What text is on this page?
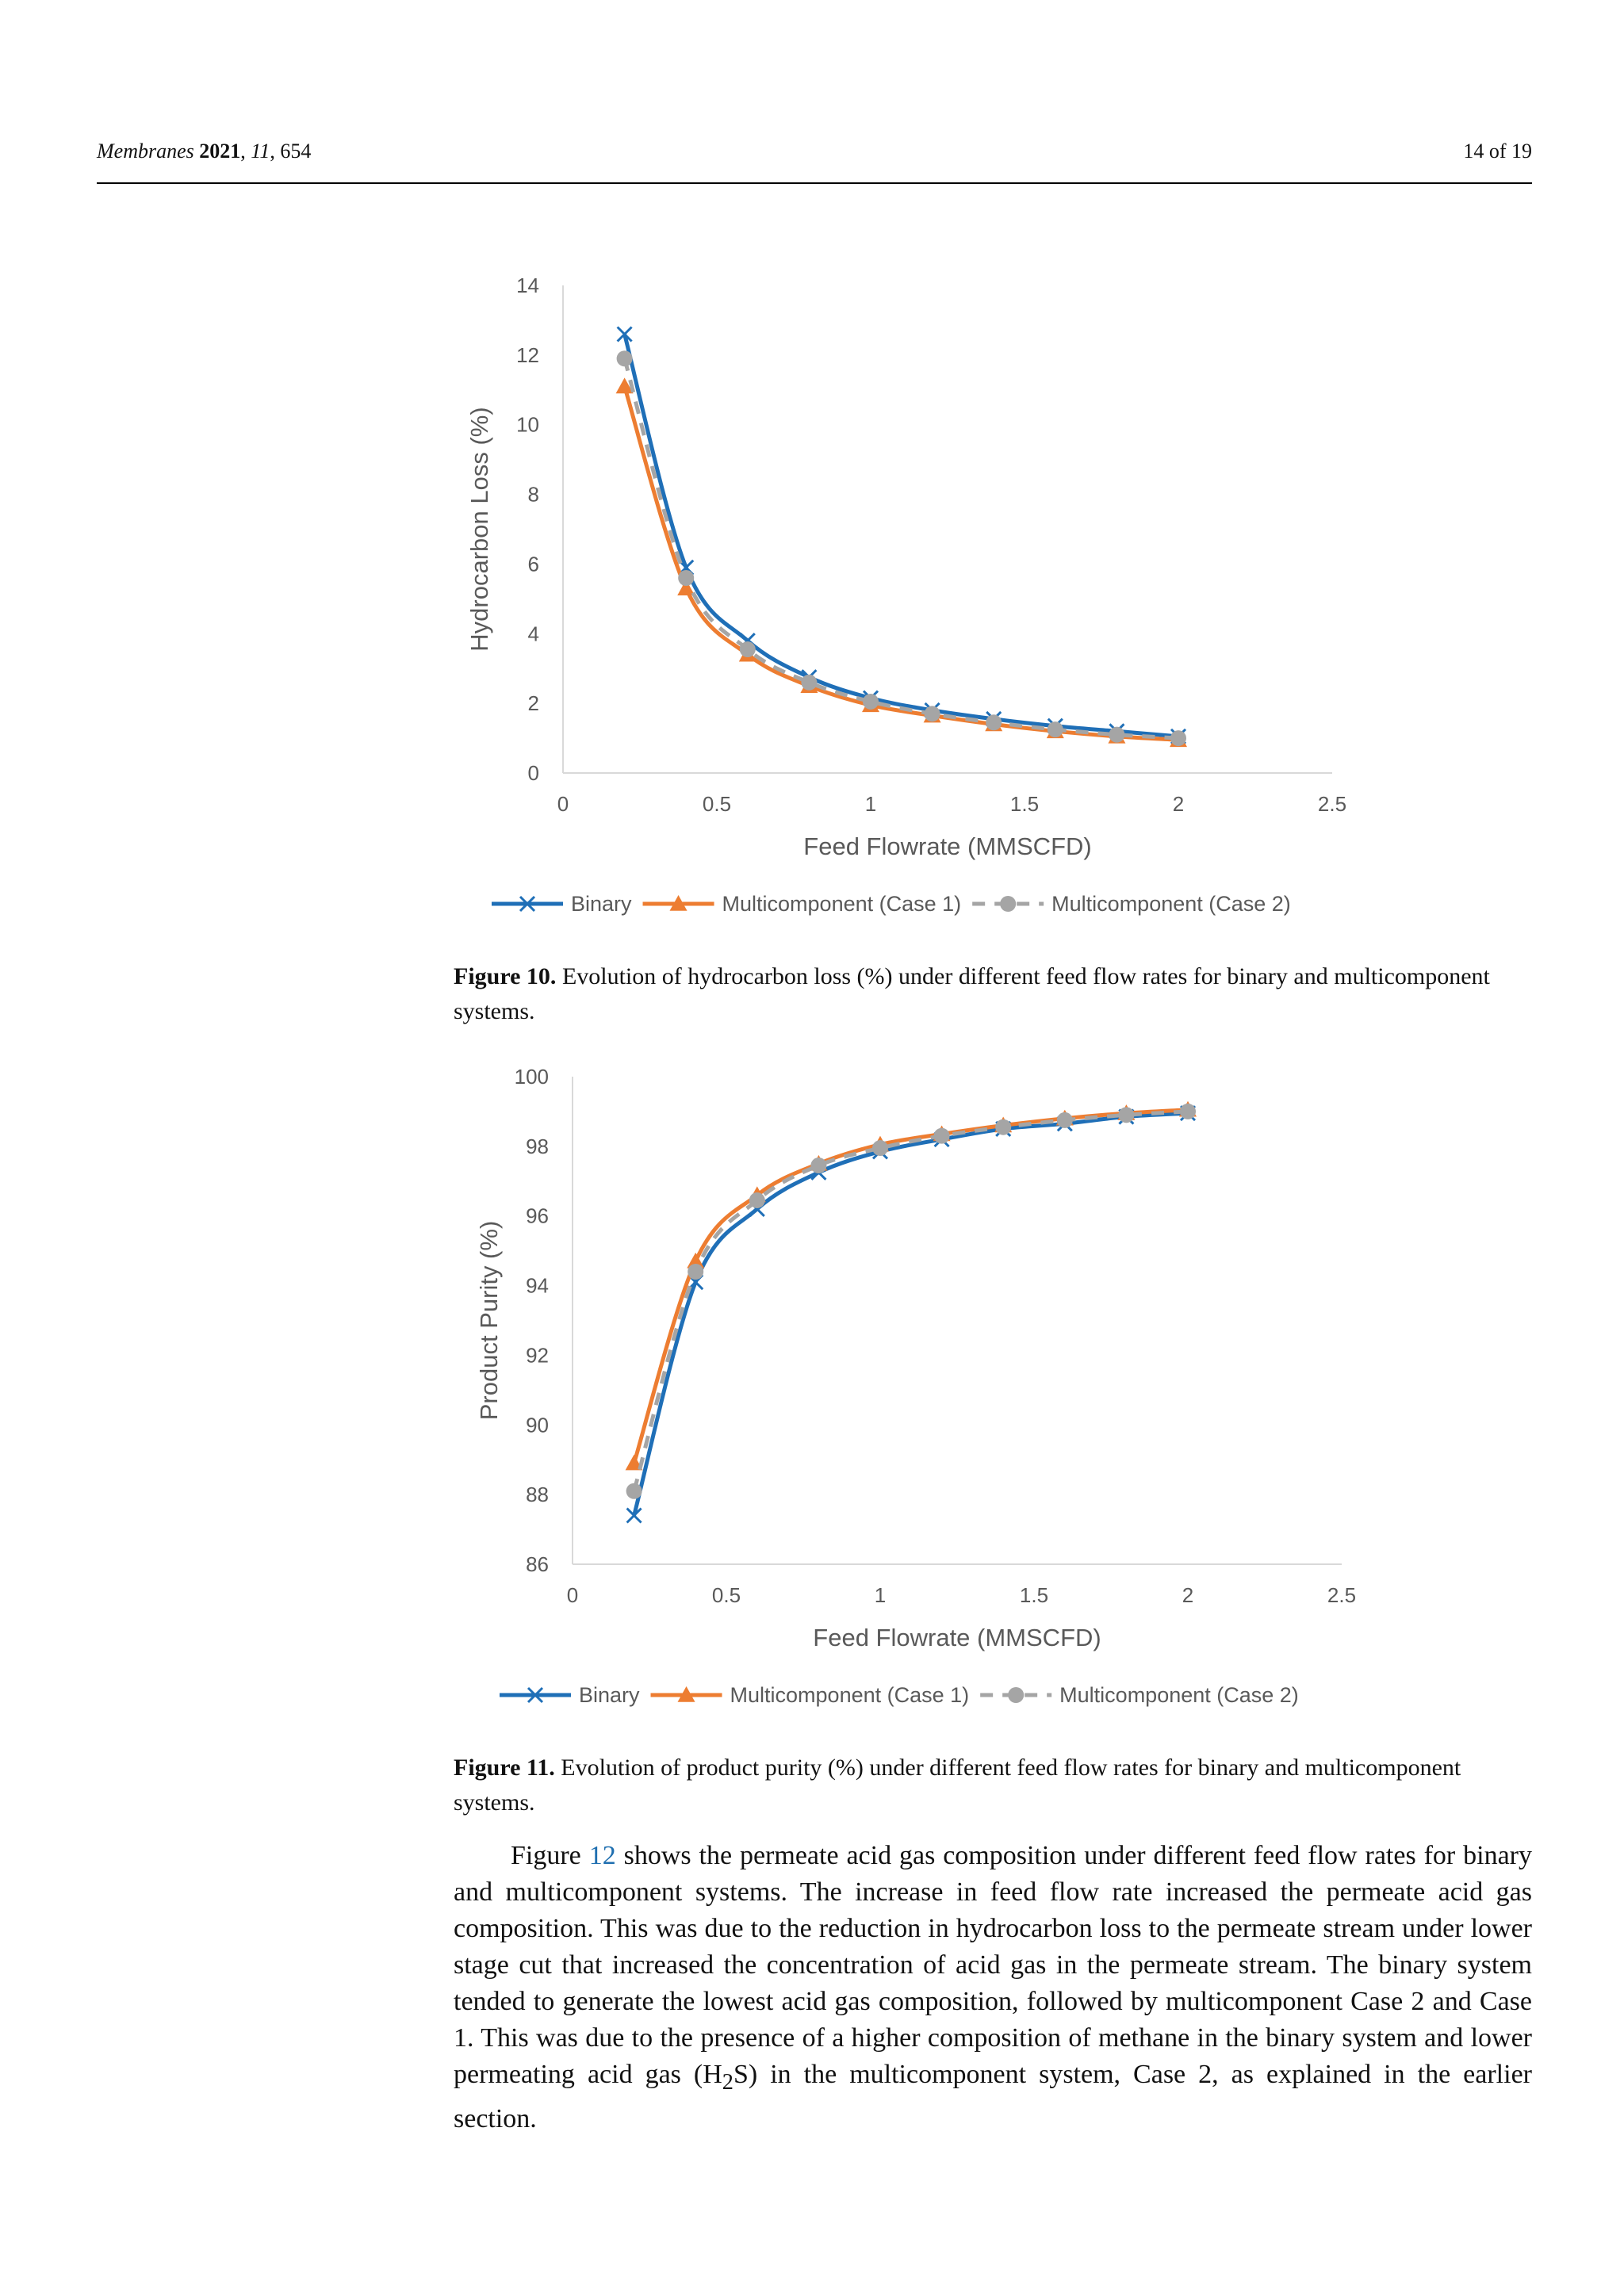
Membranes 2021, 11, 654	14 of 19
0
2
4
6
8
10
12
14
0	0.5	1	1.5	2	2.5
Feed Flowrate (MMSCFD)
Hydrocarbon Loss (%)
Binary	Multicomponent (Case 1)	Multicomponent (Case 2)
Figure 10. Evolution of hydrocarbon loss (%) under different feed flow rates for binary and multicomponent systems.
86
88
90
92
94
96
98
100
0	0.5	1	1.5	2	2.5
Feed Flowrate (MMSCFD)
Product Purity (%)
Binary	Multicomponent (Case 1)	Multicomponent (Case 2)
Figure 11. Evolution of product purity (%) under different feed flow rates for binary and multicomponent systems.

Figure 12 shows the permeate acid gas composition under different feed flow rates for binary and multicomponent systems. The increase in feed flow rate increased the permeate acid gas composition. This was due to the reduction in hydrocarbon loss to the permeate stream under lower stage cut that increased the concentration of acid gas in the permeate stream. The binary system tended to generate the lowest acid gas composition, followed by multicomponent Case 2 and Case 1. This was due to the presence of a higher composition of methane in the binary system and lower permeating acid gas $(H_2S)$ in the multicomponent system, Case 2, as explained in the earlier section.
